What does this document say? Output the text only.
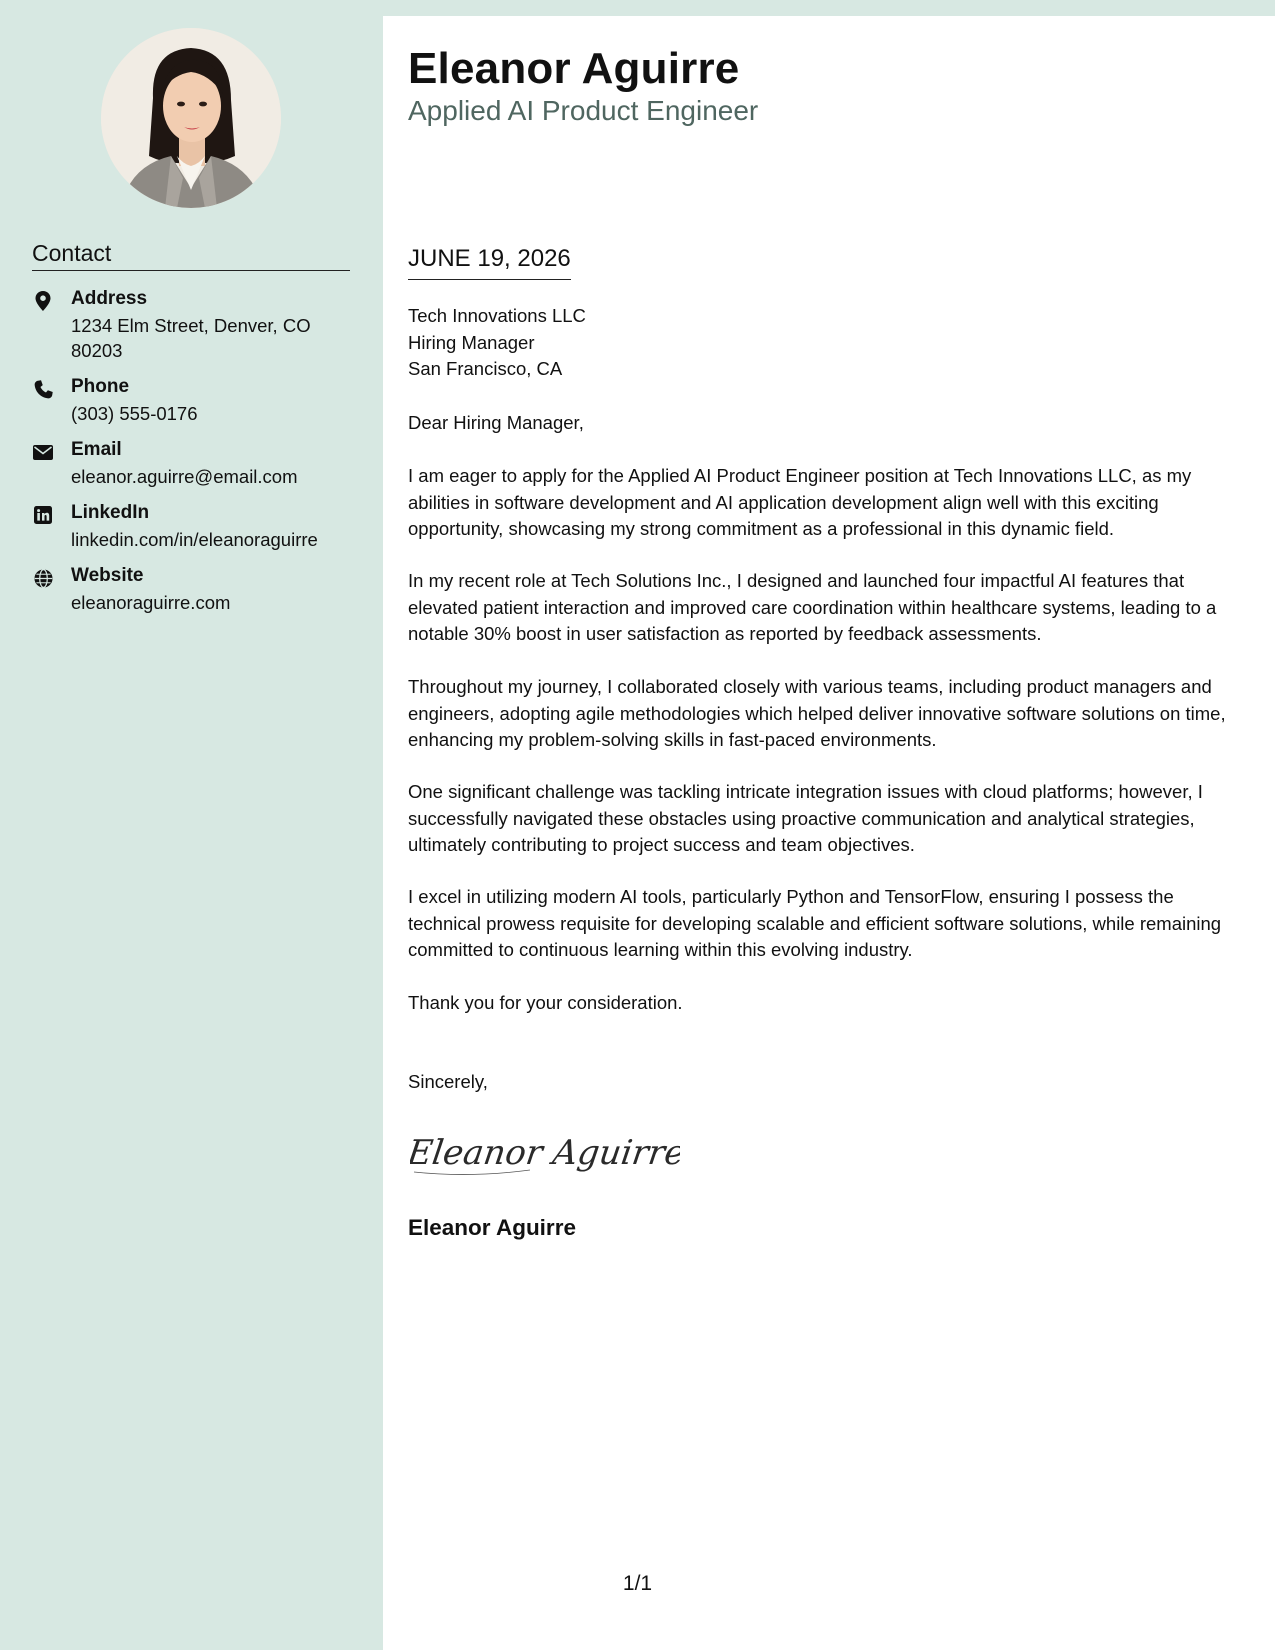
Contact
Address
1234 Elm Street, Denver, CO 80203
Phone
(303) 555-0176
Email
eleanor.aguirre@email.com
LinkedIn
linkedin.com/in/eleanoraguirre
Website
eleanoraguirre.com
Eleanor Aguirre
Applied AI Product Engineer
JUNE 19, 2026
Tech Innovations LLC
Hiring Manager
San Francisco, CA
Dear Hiring Manager,
I am eager to apply for the Applied AI Product Engineer position at Tech Innovations LLC, as my abilities in software development and AI application development align well with this exciting opportunity, showcasing my strong commitment as a professional in this dynamic field.
In my recent role at Tech Solutions Inc., I designed and launched four impactful AI features that elevated patient interaction and improved care coordination within healthcare systems, leading to a notable 30% boost in user satisfaction as reported by feedback assessments.
Throughout my journey, I collaborated closely with various teams, including product managers and engineers, adopting agile methodologies which helped deliver innovative software solutions on time, enhancing my problem-solving skills in fast-paced environments.
One significant challenge was tackling intricate integration issues with cloud platforms; however, I successfully navigated these obstacles using proactive communication and analytical strategies, ultimately contributing to project success and team objectives.
I excel in utilizing modern AI tools, particularly Python and TensorFlow, ensuring I possess the technical prowess requisite for developing scalable and efficient software solutions, while remaining committed to continuous learning within this evolving industry.
Thank you for your consideration.
Sincerely,
Eleanor Aguirre
Eleanor Aguirre
1/1
